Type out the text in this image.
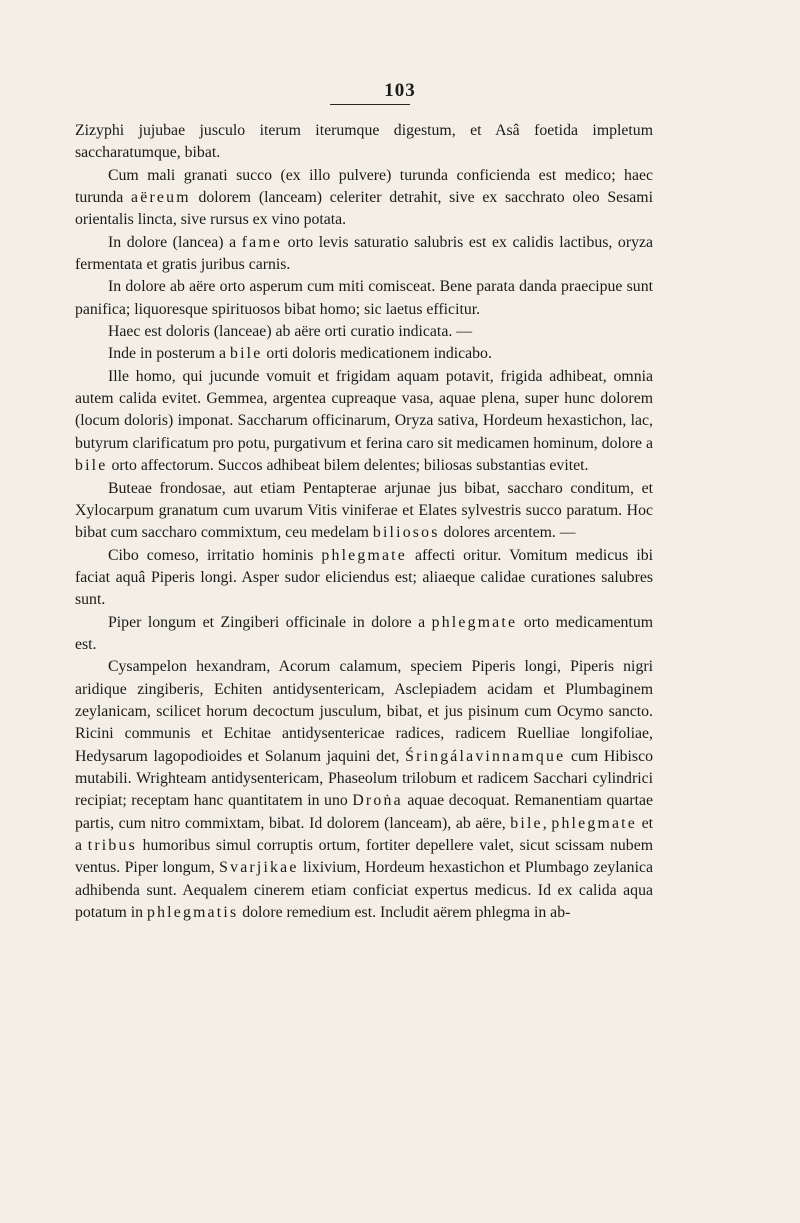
103

Zizyphi jujubae jusculo iterum iterumque digestum, et Asâ foetida impletum saccharatumque, bibat.

Cum mali granati succo (ex illo pulvere) turunda conficienda est medico; haec turunda aëreum dolorem (lanceam) celeriter detrahit, sive ex sacchrato oleo Sesami orientalis lincta, sive rursus ex vino potata.

In dolore (lancea) a fame orto levis saturatio salubris est ex calidis lactibus, oryza fermentata et gratis juribus carnis.

In dolore ab aëre orto asperum cum miti comisceat. Bene parata danda praecipue sunt panifica; liquoresque spirituosos bibat homo; sic laetus efficitur.

Haec est doloris (lanceae) ab aëre orti curatio indicata. —

Inde in posterum a bile orti doloris medicationem indicabo.

Ille homo, qui jucunde vomuit et frigidam aquam potavit, frigida adhibeat, omnia autem calida evitet. Gemmea, argentea cupreaque vasa, aquae plena, super hunc dolorem (locum doloris) imponat. Saccharum officinarum, Oryza sativa, Hordeum hexastichon, lac, butyrum clarificatum pro potu, purgativum et ferina caro sit medicamen hominum, dolore a bile orto affectorum. Succos adhibeat bilem delentes; biliosas substantias evitet.

Buteae frondosae, aut etiam Pentapterae arjunae jus bibat, saccharo conditum, et Xylocarpum granatum cum uvarum Vitis viniferae et Elates sylvestris succo paratum. Hoc bibat cum saccharo commixtum, ceu medelam biliosos dolores arcentem. —

Cibo comeso, irritatio hominis phlegmate affecti oritur. Vomitum medicus ibi faciat aquâ Piperis longi. Asper sudor eliciendus est; aliaeque calidae curationes salubres sunt.

Piper longum et Zingiberi officinale in dolore a phlegmate orto medicamentum est.

Cysampelon hexandram, Acorum calamum, speciem Piperis longi, Piperis nigri aridique zingiberis, Echiten antidysentericam, Asclepiadem acidam et Plumbaginem zeylanicam, scilicet horum decoctum jusculum, bibat, et jus pisinum cum Ocymo sancto. Ricini communis et Echitae antidysentericae radices, radicem Ruelliae longifoliae, Hedysarum lagopodioides et Solanum jaquini det, Śringálavinnamque cum Hibisco mutabili. Wrighteam antidysentericam, Phaseolum trilobum et radicem Sacchari cylindrici recipiat; receptam hanc quantitatem in uno Droṅa aquae decoquat. Remanentiam quartae partis, cum nitro commixtam, bibat. Id dolorem (lanceam), ab aëre, bile, phlegmate et a tribus humoribus simul corruptis ortum, fortiter depellere valet, sicut scissam nubem ventus. Piper longum, Svarjikae lixivium, Hordeum hexastichon et Plumbago zeylanica adhibenda sunt. Aequalem cinerem etiam conficiat expertus medicus. Id ex calida aqua potatum in phlegmatis dolore remedium est. Includit aërem phlegma in ab-
